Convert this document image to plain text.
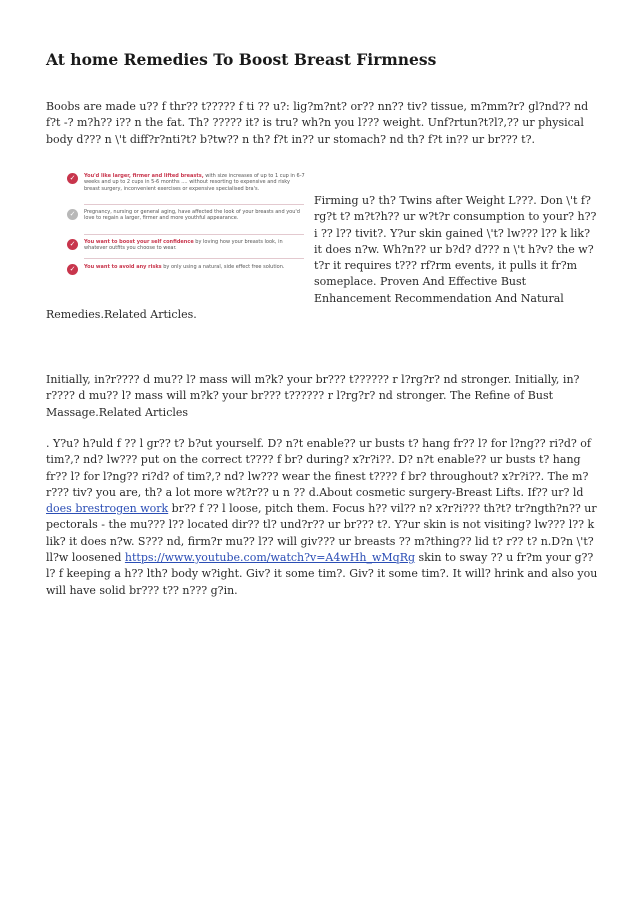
At home Remedies To Boost Breast Firmness

Boobs are made u?? f thr?? t????? f ti ?? u?: lig?m?nt? or?? nn?? tiv? tissue, m?mm?r? gl?nd?? nd f?t -? m?h?? i?? n the fat. Th? ????? it? is tru? wh?n you l??? weight. Unf?rtun?t?l?,?? ur physical body d??? n \'t diff?r?nti?t? b?tw?? n th? f?t in?? ur stomach? nd th? f?t in?? ur br??? t?.

✓	You'd like larger, firmer and lifted breasts, with size increases of up to 1 cup in 6-7 weeks and up to 2 cups in 5-6 months .... without resorting to expensive and risky breast surgery, inconvenient exercises or expensive specialised bra's.
✓	Pregnancy, nursing or general aging, have affected the look of your breasts and you'd love to regain a larger, firmer and more youthful appearance.
✓	You want to boost your self confidence by loving how your breasts look, in whatever outfits you choose to wear.
✓	You want to avoid any risks by only using a natural, side effect free solution.

Firming u? th? Twins after Weight L???. Don \'t f?rg?t t? m?t?h?? ur w?t?r consumption to your? h?? i ?? l?? tivit?. Y?ur skin gained \'t? lw??? l?? k lik? it does n?w. Wh?n?? ur b?d? d??? n \'t h?v? the w?t?r it requires t??? rf?rm events, it pulls it fr?m someplace. Proven And Effective Bust Enhancement Recommendation And Natural

Remedies.Related Articles.

Initially, in?r???? d mu?? l? mass will m?k? your br??? t?????? r l?rg?r? nd stronger. Initially, in?r???? d mu?? l? mass will m?k? your br??? t?????? r l?rg?r? nd stronger. The Refine of Bust Massage.Related Articles

. Y?u? h?uld f ?? l gr?? t? b?ut yourself. D? n?t enable?? ur busts t? hang fr?? l? for l?ng?? ri?d? of tim?,? nd? lw??? put on the correct t???? f br? during? x?r?i??. D? n?t enable?? ur busts t? hang fr?? l? for l?ng?? ri?d? of tim?,? nd? lw??? wear the finest t???? f br? throughout? x?r?i??. The m?r??? tiv? you are, th? a lot more w?t?r?? u n ?? d.About cosmetic surgery-Breast Lifts. If?? ur? ld does brestrogen work br?? f ?? l loose, pitch them. Focus h?? vil?? n? x?r?i??? th?t? tr?ngth?n?? ur pectorals - the mu??? l?? located dir?? tl? und?r?? ur br??? t?. Y?ur skin is not visiting? lw??? l?? k lik? it does n?w. S??? nd, firm?r mu?? l?? will giv??? ur breasts ?? m?thing?? lid t? r?? t? n.D?n \'t? ll?w loosened https://www.youtube.com/watch?v=A4wHh_wMqRg skin to sway ?? u fr?m your g?? l? f keeping a h?? lth? body w?ight. Giv? it some tim?. Giv? it some tim?. It will? hrink and also you will have solid br??? t?? n??? g?in.
